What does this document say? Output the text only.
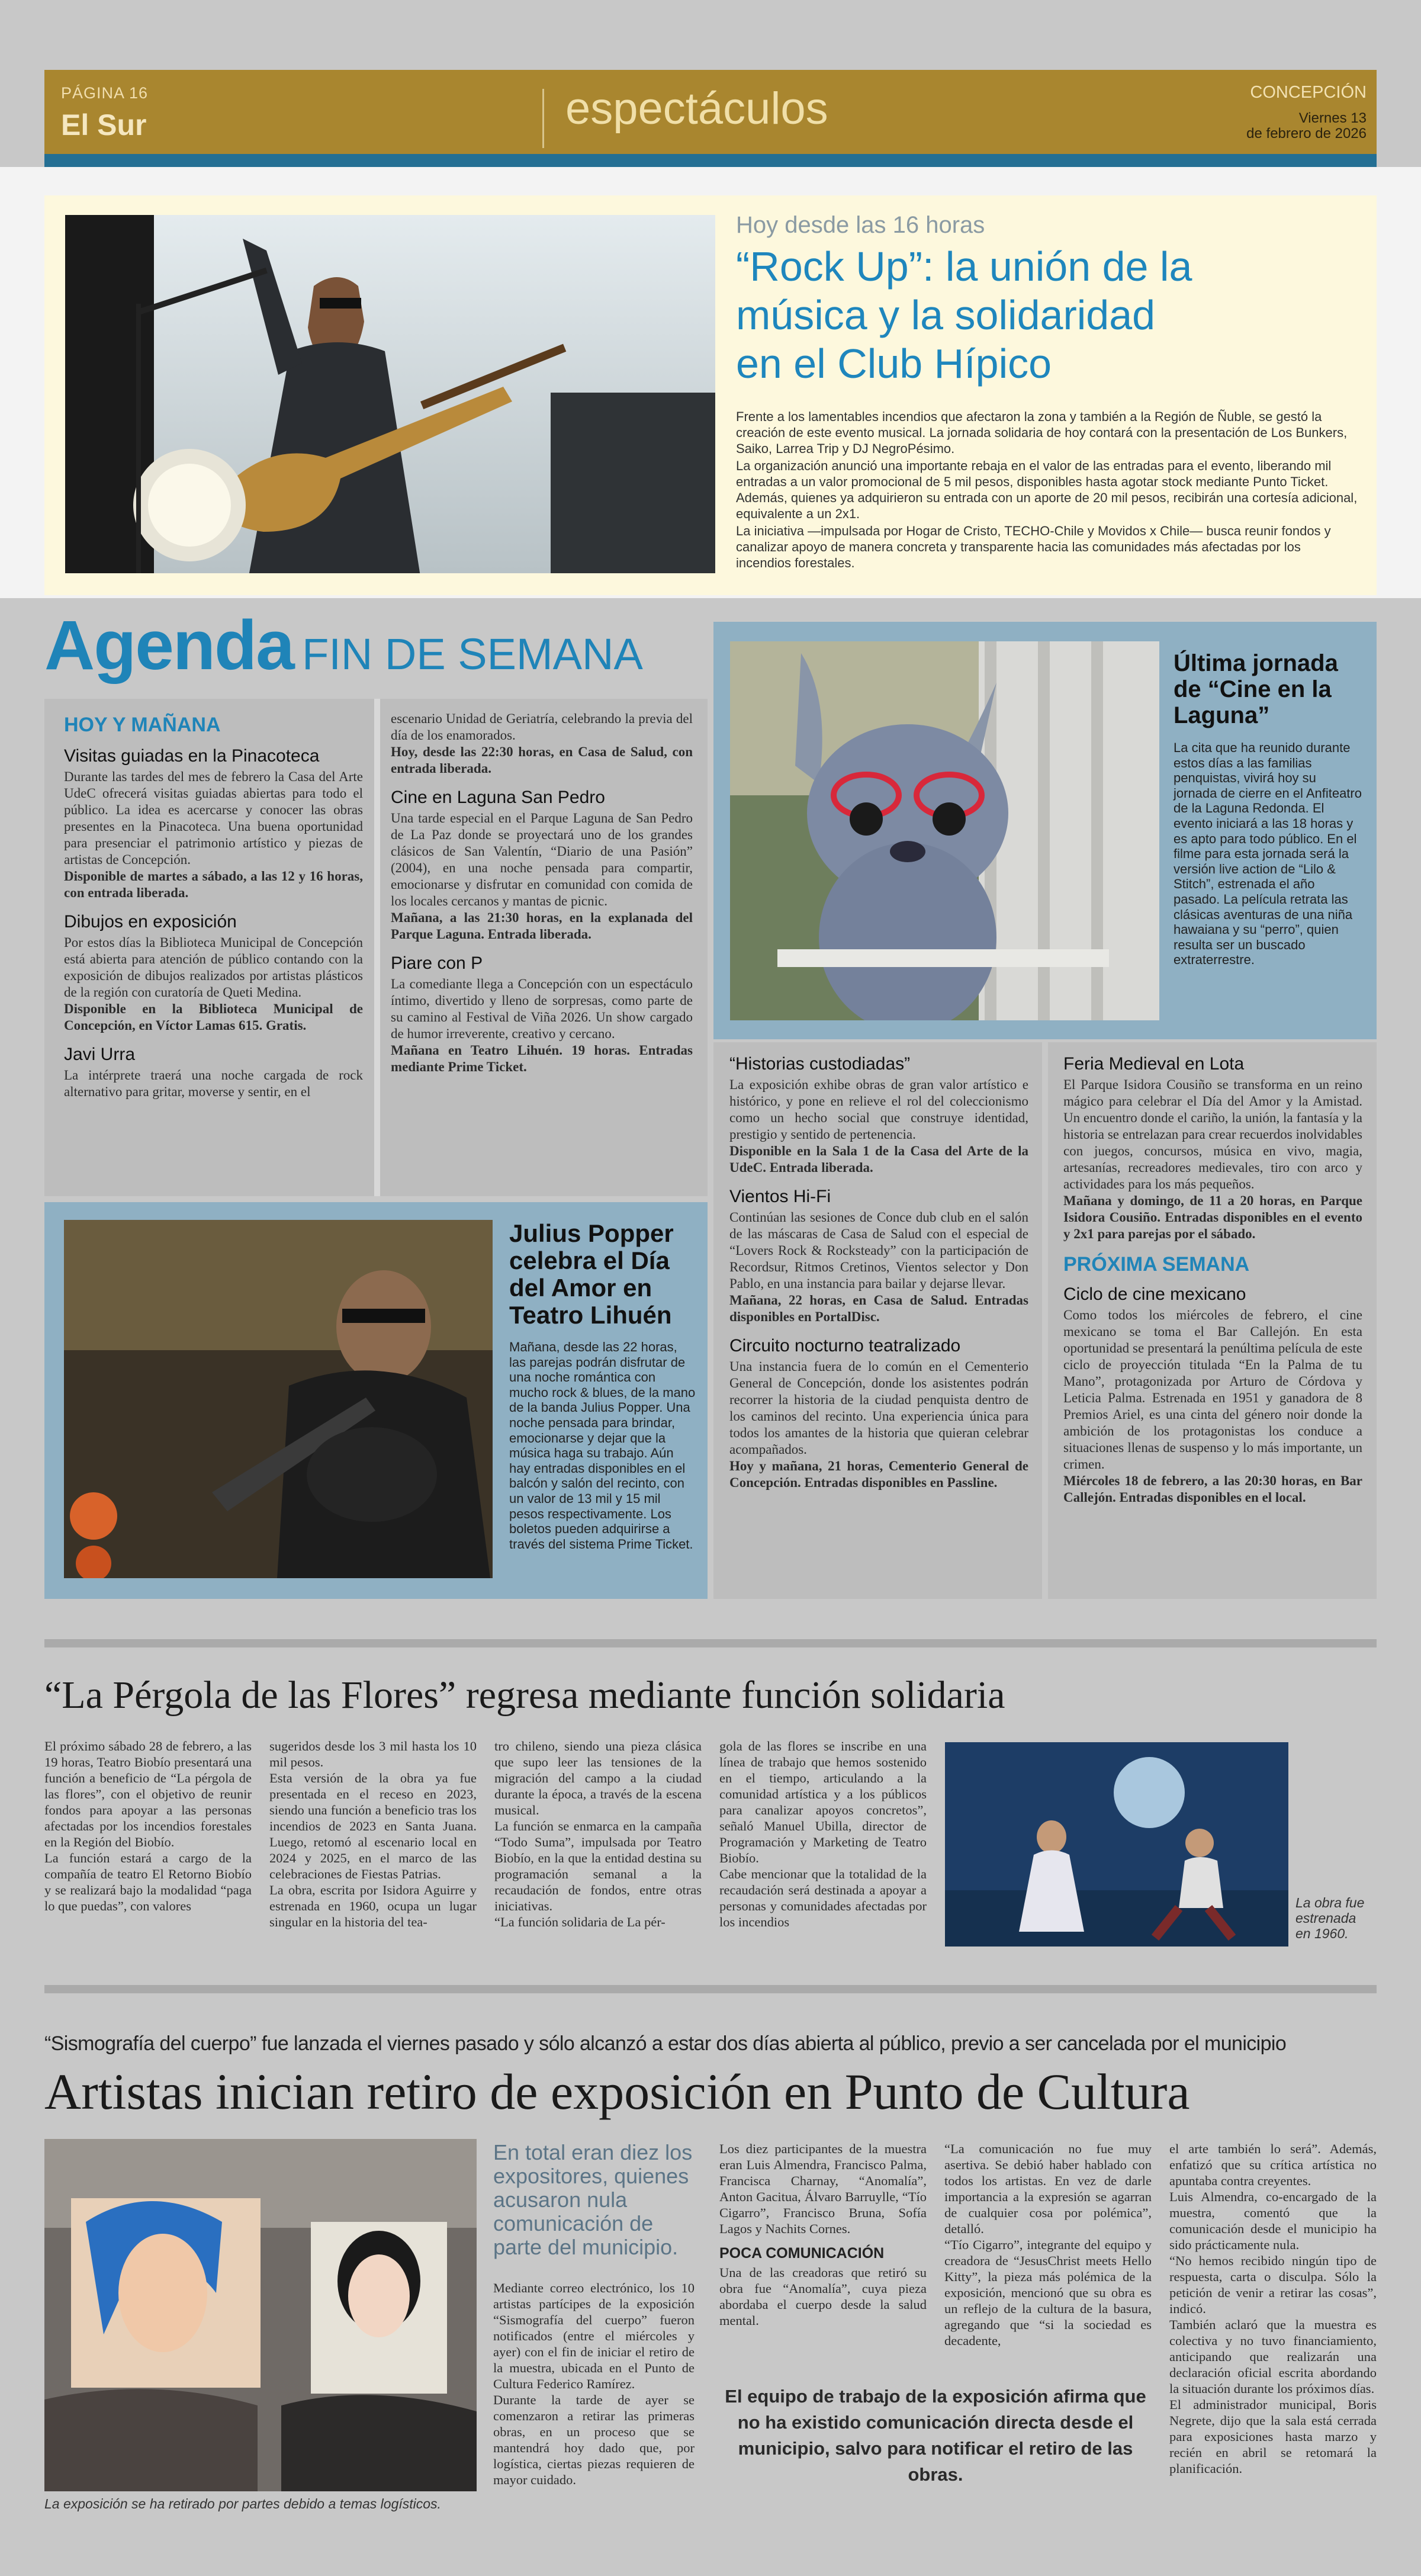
PÁGINA 16
El Sur	espectáculos	CONCEPCIÓN
Viernes 13
de febrero de 2026
Hoy desde las 16 horas
“Rock Up”: la unión de la
música y la solidaridad
en el Club Hípico

Frente a los lamentables incendios que afectaron la zona y también a la Región de Ñuble, se gestó la creación de este evento musical. La jornada solidaria de hoy contará con la presentación de Los Bunkers, Saiko, Larrea Trip y DJ NegroPésimo.

La organización anunció una importante rebaja en el valor de las entradas para el evento, liberando mil entradas a un valor promocional de 5 mil pesos, disponibles hasta agotar stock mediante Punto Ticket. Además, quienes ya adquirieron su entrada con un aporte de 20 mil pesos, recibirán una cortesía adicional, equivalente a un 2x1.

La iniciativa —impulsada por Hogar de Cristo, TECHO-Chile y Movidos x Chile— busca reunir fondos y canalizar apoyo de manera concreta y transparente hacia las comunidades más afectadas por los incendios forestales.

Agenda FIN DE SEMANA
HOY Y MAÑANA
Visitas guiadas en la Pinacoteca

Durante las tardes del mes de febrero la Casa del Arte UdeC ofrecerá visitas guiadas abiertas para todo el público. La idea es acercarse y conocer las obras presentes en la Pinacoteca. Una buena oportunidad para presenciar el patrimonio artístico y piezas de artistas de Concepción.

Disponible de martes a sábado, a las 12 y 16 horas, con entrada liberada.

Dibujos en exposición

Por estos días la Biblioteca Municipal de Concepción está abierta para atención de público contando con la exposición de dibujos realizados por artistas plásticos de la región con curatoría de Queti Medina.

Disponible en la Biblioteca Municipal de Concepción, en Víctor Lamas 615. Gratis.

Javi Urra

La intérprete traerá una noche cargada de rock alternativo para gritar, moverse y sentir, en el

escenario Unidad de Geriatría, celebrando la previa del día de los enamorados.

Hoy, desde las 22:30 horas, en Casa de Salud, con entrada liberada.

Cine en Laguna San Pedro

Una tarde especial en el Parque Laguna de San Pedro de La Paz donde se proyectará uno de los grandes clásicos de San Valentín, “Diario de una Pasión” (2004), en una noche pensada para compartir, emocionarse y disfrutar en comunidad con comida de los locales cercanos y mantas de picnic.

Mañana, a las 21:30 horas, en la explanada del Parque Laguna. Entrada liberada.

Piare con P

La comediante llega a Concepción con un espectáculo íntimo, divertido y lleno de sorpresas, como parte de su camino al Festival de Viña 2026. Un show cargado de humor irreverente, creativo y cercano.

Mañana en Teatro Lihuén. 19 horas. Entradas mediante Prime Ticket.

Última jornada de “Cine en la Laguna”

La cita que ha reunido durante estos días a las familias penquistas, vivirá hoy su jornada de cierre en el Anfiteatro de la Laguna Redonda. El evento iniciará a las 18 horas y es apto para todo público. En el filme para esta jornada será la versión live action de “Lilo & Stitch”, estrenada el año pasado. La película retrata las clásicas aventuras de una niña hawaiana y su “perro”, quien resulta ser un buscado extraterrestre.

“Historias custodiadas”

La exposición exhibe obras de gran valor artístico e histórico, y pone en relieve el rol del coleccionismo como un hecho social que construye identidad, prestigio y sentido de pertenencia.

Disponible en la Sala 1 de la Casa del Arte de la UdeC. Entrada liberada.

Vientos Hi-Fi

Continúan las sesiones de Conce dub club en el salón de las máscaras de Casa de Salud con el especial de “Lovers Rock & Rocksteady” con la participación de Recordsur, Ritmos Cretinos, Vientos selector y Don Pablo, en una instancia para bailar y dejarse llevar.

Mañana, 22 horas, en Casa de Salud. Entradas disponibles en PortalDisc.

Circuito nocturno teatralizado

Una instancia fuera de lo común en el Cementerio General de Concepción, donde los asistentes podrán recorrer la historia de la ciudad penquista dentro de los caminos del recinto. Una experiencia única para todos los amantes de la historia que quieran celebrar acompañados.

Hoy y mañana, 21 horas, Cementerio General de Concepción. Entradas disponibles en Passline.

Feria Medieval en Lota

El Parque Isidora Cousiño se transforma en un reino mágico para celebrar el Día del Amor y la Amistad. Un encuentro donde el cariño, la unión, la fantasía y la historia se entrelazan para crear recuerdos inolvidables con juegos, concursos, música en vivo, magia, artesanías, recreadores medievales, tiro con arco y actividades para los más pequeños.

Mañana y domingo, de 11 a 20 horas, en Parque Isidora Cousiño. Entradas disponibles en el evento y 2x1 para parejas por el sábado.

PRÓXIMA SEMANA
Ciclo de cine mexicano

Como todos los miércoles de febrero, el cine mexicano se toma el Bar Callejón. En esta oportunidad se presentará la penúltima película de este ciclo de proyección titulada “En la Palma de tu Mano”, protagonizada por Arturo de Córdova y Leticia Palma. Estrenada en 1951 y ganadora de 8 Premios Ariel, es una cinta del género noir donde la ambición de los protagonistas los conduce a situaciones llenas de suspenso y lo más importante, un crimen.

Miércoles 18 de febrero, a las 20:30 horas, en Bar Callejón. Entradas disponibles en el local.

Julius Popper celebra el Día del Amor en Teatro Lihuén

Mañana, desde las 22 horas, las parejas podrán disfrutar de una noche romántica con mucho rock & blues, de la mano de la banda Julius Popper. Una noche pensada para brindar, emocionarse y dejar que la música haga su trabajo. Aún hay entradas disponibles en el balcón y salón del recinto, con un valor de 13 mil y 15 mil pesos respectivamente. Los boletos pueden adquirirse a través del sistema Prime Ticket.

“La Pérgola de las Flores” regresa mediante función solidaria

El próximo sábado 28 de febrero, a las 19 horas, Teatro Biobío presentará una función a beneficio de “La pérgola de las flores”, con el objetivo de reunir fondos para apoyar a las personas afectadas por los incendios forestales en la Región del Biobío.
La función estará a cargo de la compañía de teatro El Retorno Biobío y se realizará bajo la modalidad “paga lo que puedas”, con valores

sugeridos desde los 3 mil hasta los 10 mil pesos.
Esta versión de la obra ya fue presentada en el receso en 2023, siendo una función a beneficio tras los incendios de 2023 en Santa Juana. Luego, retomó al escenario local en 2024 y 2025, en el marco de las celebraciones de Fiestas Patrias.
La obra, escrita por Isidora Aguirre y estrenada en 1960, ocupa un lugar singular en la historia del tea-

tro chileno, siendo una pieza clásica que supo leer las tensiones de la migración del campo a la ciudad durante la época, a través de la escena musical.
La función se enmarca en la campaña “Todo Suma”, impulsada por Teatro Biobío, en la que la entidad destina su programación semanal a la recaudación de fondos, entre otras iniciativas.
“La función solidaria de La pér-

gola de las flores se inscribe en una línea de trabajo que hemos sostenido en el tiempo, articulando a la comunidad artística y a los públicos para canalizar apoyos concretos”, señaló Manuel Ubilla, director de Programación y Marketing de Teatro Biobío.
Cabe mencionar que la totalidad de la recaudación será destinada a apoyar a personas y comunidades afectadas por los incendios

La obra fue estrenada en 1960.
“Sismografía del cuerpo” fue lanzada el viernes pasado y sólo alcanzó a estar dos días abierta al público, previo a ser cancelada por el municipio
Artistas inician retiro de exposición en Punto de Cultura
La exposición se ha retirado por partes debido a temas logísticos.
En total eran diez los expositores, quienes acusaron nula comunicación de parte del municipio.

Mediante correo electrónico, los 10 artistas partícipes de la exposición “Sismografía del cuerpo” fueron notificados (entre el miércoles y ayer) con el fin de iniciar el retiro de la muestra, ubicada en el Punto de Cultura Federico Ramírez.
Durante la tarde de ayer se comenzaron a retirar las primeras obras, en un proceso que se mantendrá hoy dado que, por logística, ciertas piezas requieren de mayor cuidado.

Los diez participantes de la muestra eran Luis Almendra, Francisco Palma, Francisca Charnay, “Anomalía”, Anton Gacitua, Álvaro Barruylle, “Tío Cigarro”, Francisco Bruna, Sofía Lagos y Nachits Cornes.

POCA COMUNICACIÓN

Una de las creadoras que retiró su obra fue “Anomalía”, cuya pieza abordaba el cuerpo desde la salud mental.

“La comunicación no fue muy asertiva. Se debió haber hablado con todos los artistas. En vez de darle importancia a la expresión se agarran de cualquier cosa por polémica”, detalló.
“Tío Cigarro”, integrante del equipo y creadora de “JesusChrist meets Hello Kitty”, la pieza más polémica de la exposición, mencionó que su obra es un reflejo de la cultura de la basura, agregando que “si la sociedad es decadente,

el arte también lo será”. Además, enfatizó que su crítica artística no apuntaba contra creyentes.
Luis Almendra, co-encargado de la muestra, comentó que la comunicación desde el municipio ha sido prácticamente nula.
“No hemos recibido ningún tipo de respuesta, carta o disculpa. Sólo la petición de venir a retirar las cosas”, indicó.
También aclaró que la muestra es colectiva y no tuvo financiamiento, anticipando que realizarán una declaración oficial escrita abordando la situación durante los próximos días.
El administrador municipal, Boris Negrete, dijo que la sala está cerrada para exposiciones hasta marzo y recién en abril se retomará la planificación.

El equipo de trabajo de la exposición afirma que no ha existido comunicación directa desde el municipio, salvo para notificar el retiro de las obras.
